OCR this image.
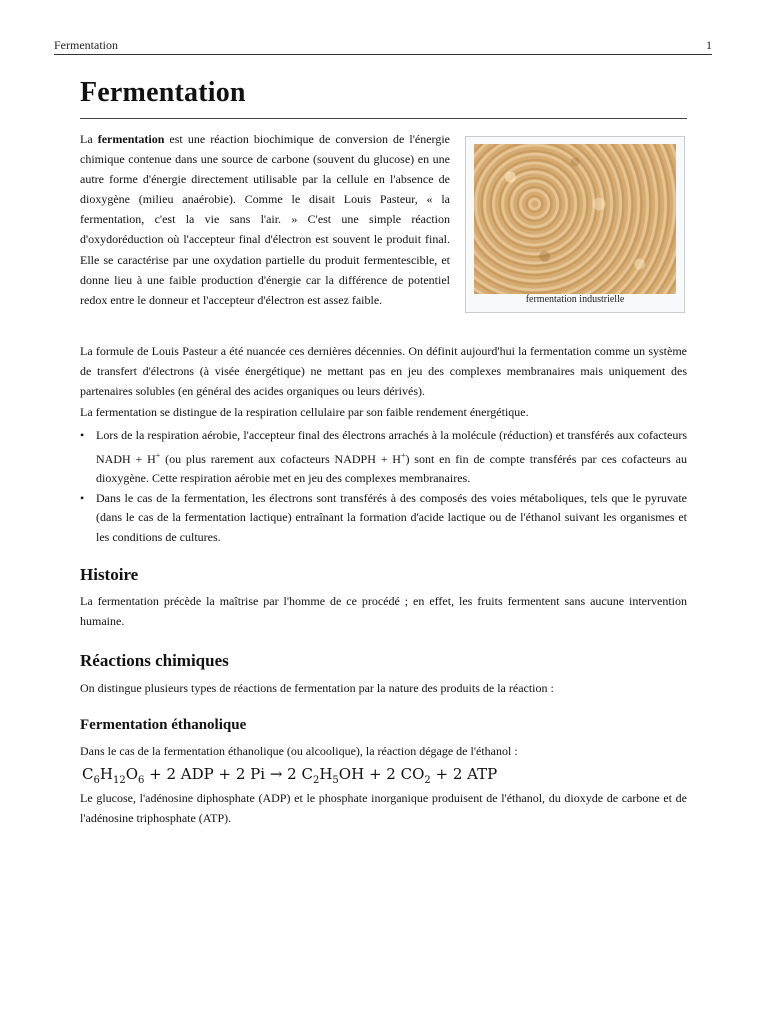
Fermentation	1
Fermentation

La fermentation est une réaction biochimique de conversion de l'énergie chimique contenue dans une source de carbone (souvent du glucose) en une autre forme d'énergie directement utilisable par la cellule en l'absence de dioxygène (milieu anaérobie). Comme le disait Louis Pasteur, « la fermentation, c'est la vie sans l'air. » C'est une simple réaction d'oxydoréduction où l'accepteur final d'électron est souvent le produit final. Elle se caractérise par une oxydation partielle du produit fermentescible, et donne lieu à une faible production d'énergie car la différence de potentiel redox entre le donneur et l'accepteur d'électron est assez faible.	fermentation industrielle

La formule de Louis Pasteur a été nuancée ces dernières décennies. On définit aujourd'hui la fermentation comme un système de transfert d'électrons (à visée énergétique) ne mettant pas en jeu des complexes membranaires mais uniquement des partenaires solubles (en général des acides organiques ou leurs dérivés).

La fermentation se distingue de la respiration cellulaire par son faible rendement énergétique.

• Lors de la respiration aérobie, l'accepteur final des électrons arrachés à la molécule (réduction) et transférés aux cofacteurs NADH + H+ (ou plus rarement aux cofacteurs NADPH + H+) sont en fin de compte transférés par ces cofacteurs au dioxygène. Cette respiration aérobie met en jeu des complexes membranaires.
• Dans le cas de la fermentation, les électrons sont transférés à des composés des voies métaboliques, tels que le pyruvate (dans le cas de la fermentation lactique) entraînant la formation d'acide lactique ou de l'éthanol suivant les organismes et les conditions de cultures.
Histoire

La fermentation précède la maîtrise par l'homme de ce procédé ; en effet, les fruits fermentent sans aucune intervention humaine.

Réactions chimiques

On distingue plusieurs types de réactions de fermentation par la nature des produits de la réaction :

Fermentation éthanolique

Dans le cas de la fermentation éthanolique (ou alcoolique), la réaction dégage de l'éthanol :

$C_6H_{12}O_6 + 2$ ADP + 2 Pi → 2 $C_2H_5OH + 2$ $CO_2 + 2$ ATP

Le glucose, l'adénosine diphosphate (ADP) et le phosphate inorganique produisent de l'éthanol, du dioxyde de carbone et de l'adénosine triphosphate (ATP).
